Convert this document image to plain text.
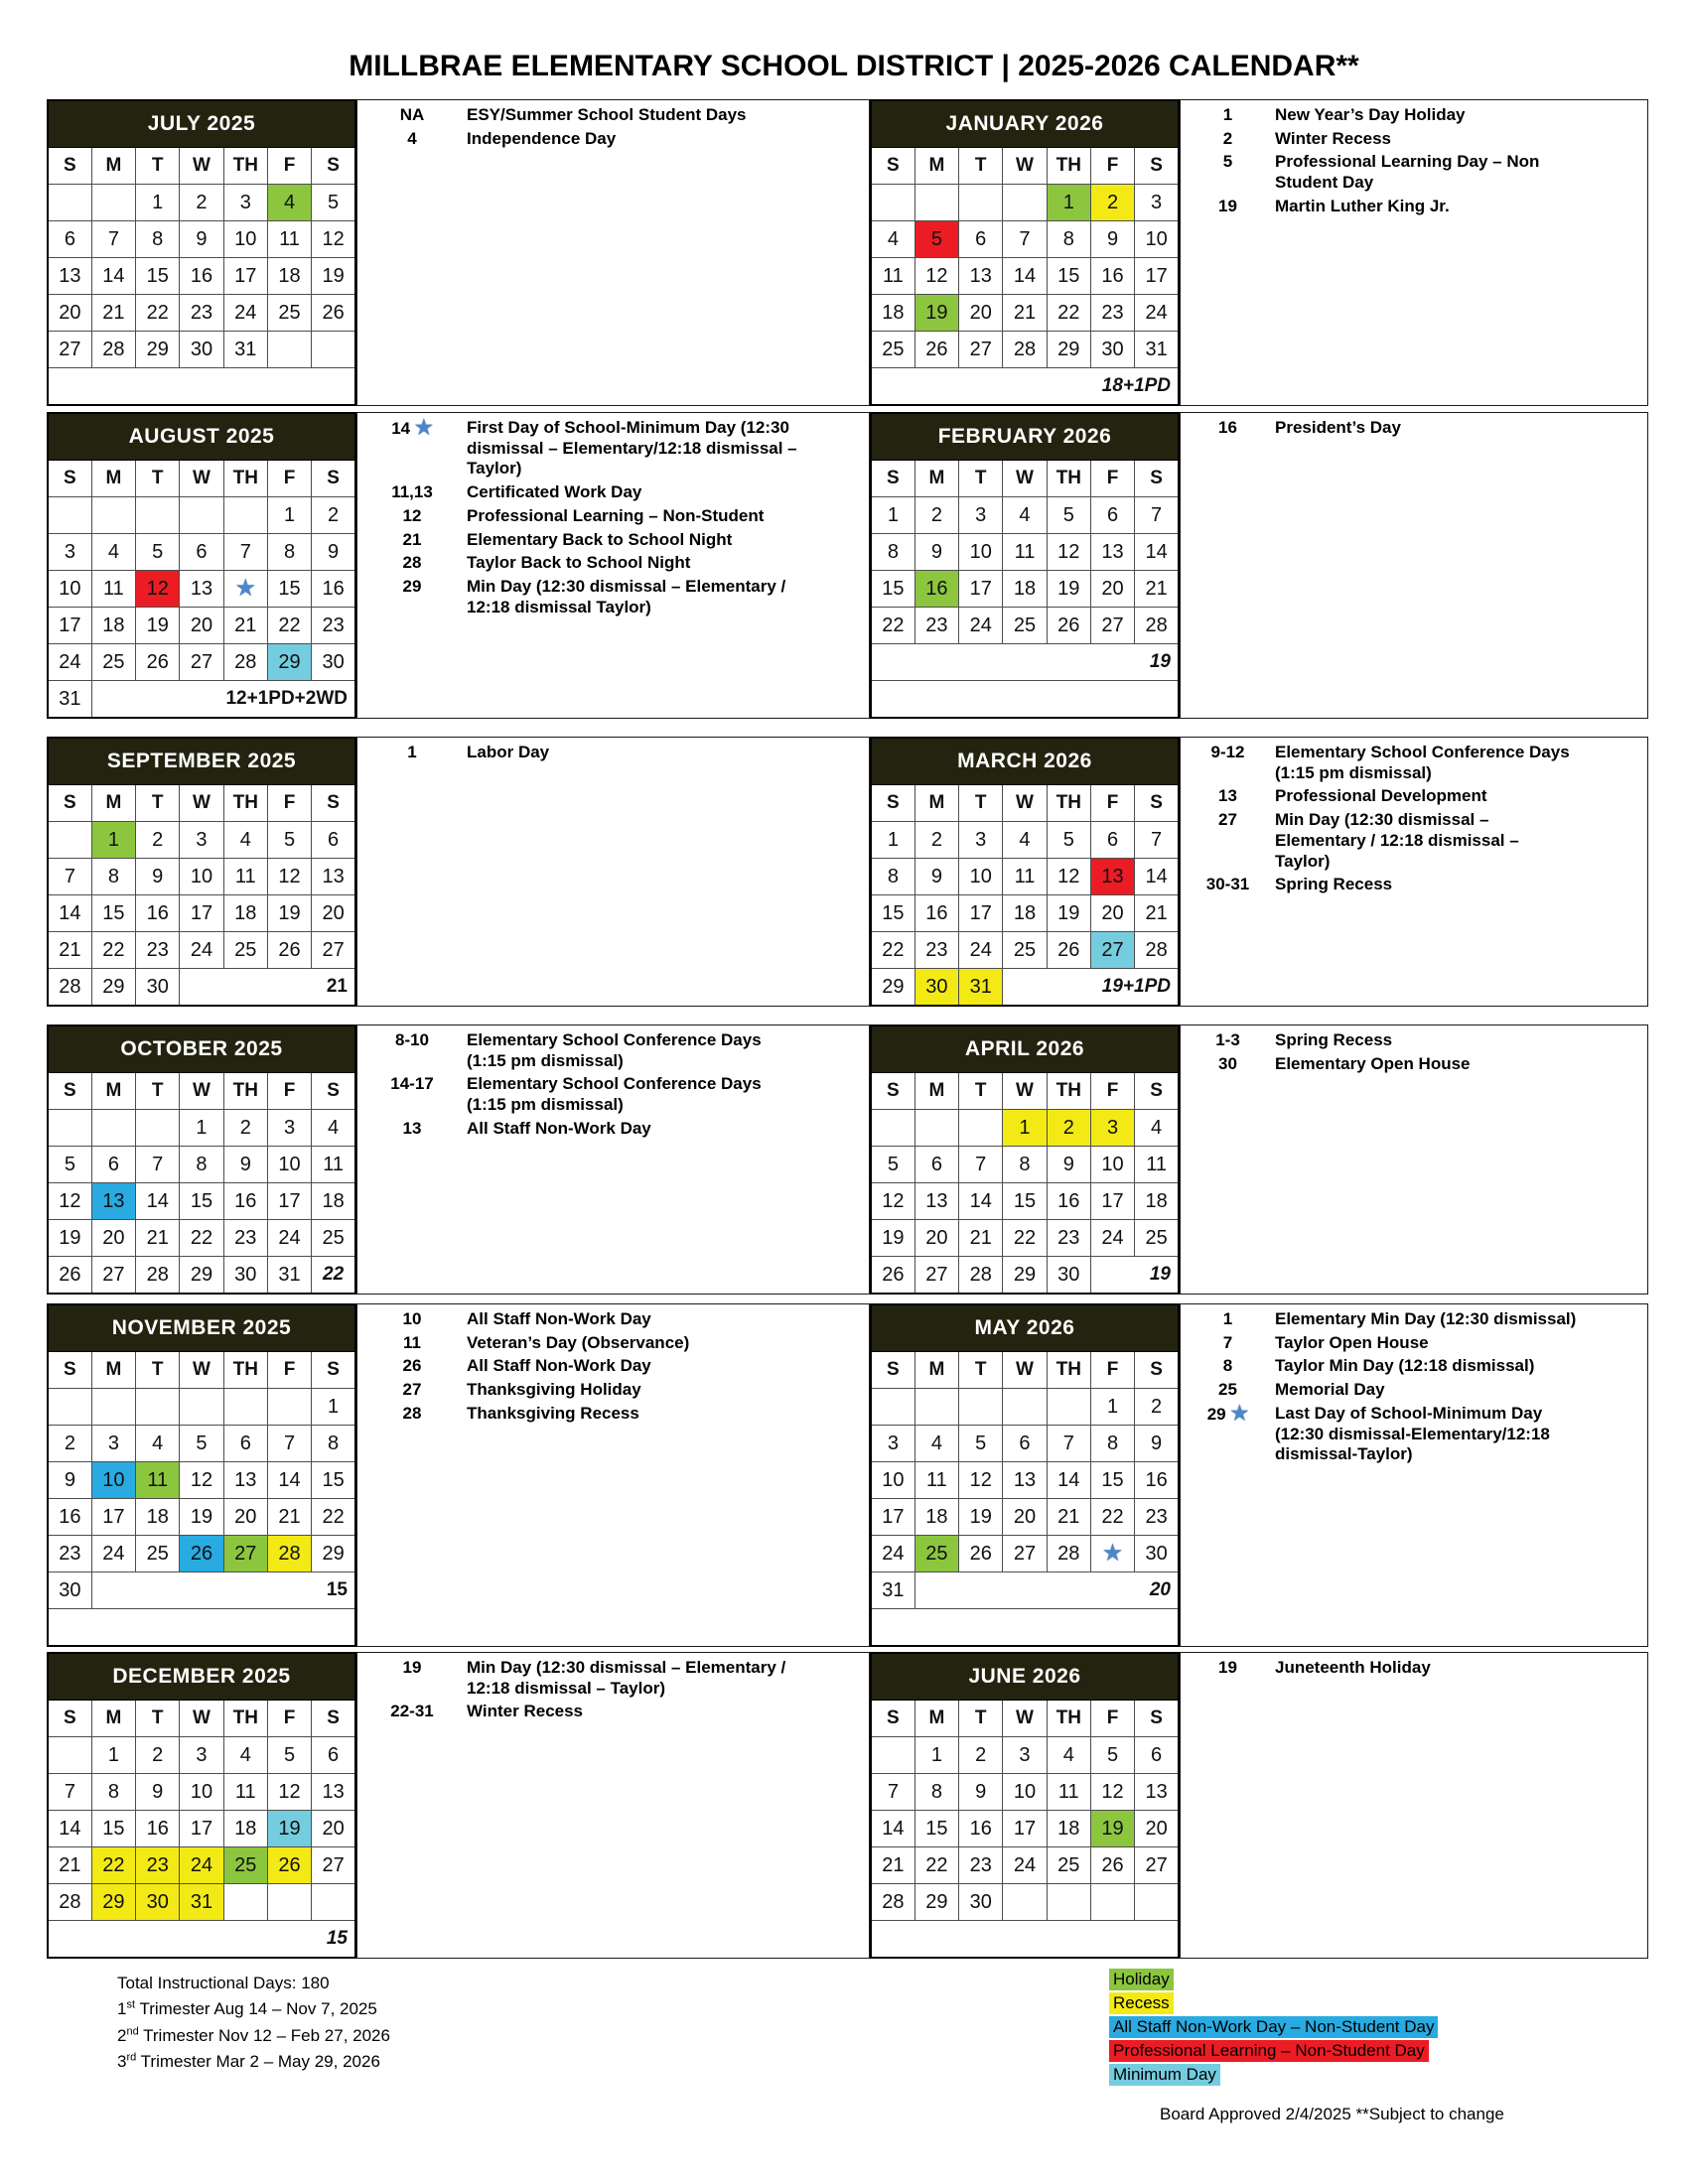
MILLBRAE ELEMENTARY SCHOOL DISTRICT | 2025-2026 CALENDAR**
JULY 2025						
S	M	T	W	TH	F	S
		1	2	3	4	5
6	7	8	9	10	11	12
13	14	15	16	17	18	19
20	21	22	23	24	25	26
27	28	29	30	31		

NA	ESY/Summer School Student Days
4	Independence Day
JANUARY 2026						
S	M	T	W	TH	F	S
				1	2	3
4	5	6	7	8	9	10
11	12	13	14	15	16	17
18	19	20	21	22	23	24
25	26	27	28	29	30	31
18+1PD						
1	New Year’s Day Holiday
2	Winter Recess
5	Professional Learning Day – Non Student Day
19	Martin Luther King Jr.
AUGUST 2025						
S	M	T	W	TH	F	S
					1	2
3	4	5	6	7	8	9
10	11	12	13	★	15	16
17	18	19	20	21	22	23
24	25	26	27	28	29	30
31	12+1PD+2WD					
14 ★	First Day of School-Minimum Day (12:30 dismissal – Elementary/12:18 dismissal – Taylor)
11,13	Certificated Work Day
12	Professional Learning – Non-Student
21	Elementary Back to School Night
28	Taylor Back to School Night
29	Min Day (12:30 dismissal – Elementary / 12:18 dismissal Taylor)
FEBRUARY 2026						
S	M	T	W	TH	F	S
1	2	3	4	5	6	7
8	9	10	11	12	13	14
15	16	17	18	19	20	21
22	23	24	25	26	27	28
19						

16	President’s Day
SEPTEMBER 2025						
S	M	T	W	TH	F	S
	1	2	3	4	5	6
7	8	9	10	11	12	13
14	15	16	17	18	19	20
21	22	23	24	25	26	27
28	29	30	21			
1	Labor Day	MARCH 2026						
S	M	T	W	TH	F	S
1	2	3	4	5	6	7
8	9	10	11	12	13	14
15	16	17	18	19	20	21
22	23	24	25	26	27	28
29	30	31	19+1PD			
9-12	Elementary School Conference Days (1:15 pm dismissal)
13	Professional Development
27	Min Day (12:30 dismissal – Elementary / 12:18 dismissal – Taylor)
30-31	Spring Recess
OCTOBER 2025						
S	M	T	W	TH	F	S
			1	2	3	4
5	6	7	8	9	10	11
12	13	14	15	16	17	18
19	20	21	22	23	24	25
26	27	28	29	30	31	22
8-10	Elementary School Conference Days (1:15 pm dismissal)
14-17	Elementary School Conference Days (1:15 pm dismissal)
13	All Staff Non-Work Day
APRIL 2026						
S	M	T	W	TH	F	S
			1	2	3	4
5	6	7	8	9	10	11
12	13	14	15	16	17	18
19	20	21	22	23	24	25
26	27	28	29	30	19	
1-3	Spring Recess
30	Elementary Open House
NOVEMBER 2025						
S	M	T	W	TH	F	S
						1
2	3	4	5	6	7	8
9	10	11	12	13	14	15
16	17	18	19	20	21	22
23	24	25	26	27	28	29
30	15					

10	All Staff Non-Work Day
11	Veteran’s Day (Observance)
26	All Staff Non-Work Day
27	Thanksgiving Holiday
28	Thanksgiving Recess
MAY 2026						
S	M	T	W	TH	F	S
					1	2
3	4	5	6	7	8	9
10	11	12	13	14	15	16
17	18	19	20	21	22	23
24	25	26	27	28	★	30
31	20					

1	Elementary Min Day (12:30 dismissal)
7	Taylor Open House
8	Taylor Min Day (12:18 dismissal)
25	Memorial Day
29 ★	Last Day of School-Minimum Day (12:30 dismissal-Elementary/12:18 dismissal-Taylor)
DECEMBER 2025						
S	M	T	W	TH	F	S
	1	2	3	4	5	6
7	8	9	10	11	12	13
14	15	16	17	18	19	20
21	22	23	24	25	26	27
28	29	30	31			
15						
19	Min Day (12:30 dismissal – Elementary / 12:18 dismissal – Taylor)
22-31	Winter Recess
JUNE 2026						
S	M	T	W	TH	F	S
	1	2	3	4	5	6
7	8	9	10	11	12	13
14	15	16	17	18	19	20
21	22	23	24	25	26	27
28	29	30				

19	Juneteenth Holiday
Total Instructional Days: 180
1st Trimester Aug 14 – Nov 7, 2025
2nd Trimester Nov 12 – Feb 27, 2026
3rd Trimester Mar 2 – May 29, 2026
Holiday
Recess
All Staff Non-Work Day – Non-Student Day
Professional Learning – Non-Student Day
Minimum Day
Board Approved 2/4/2025 **Subject to change
